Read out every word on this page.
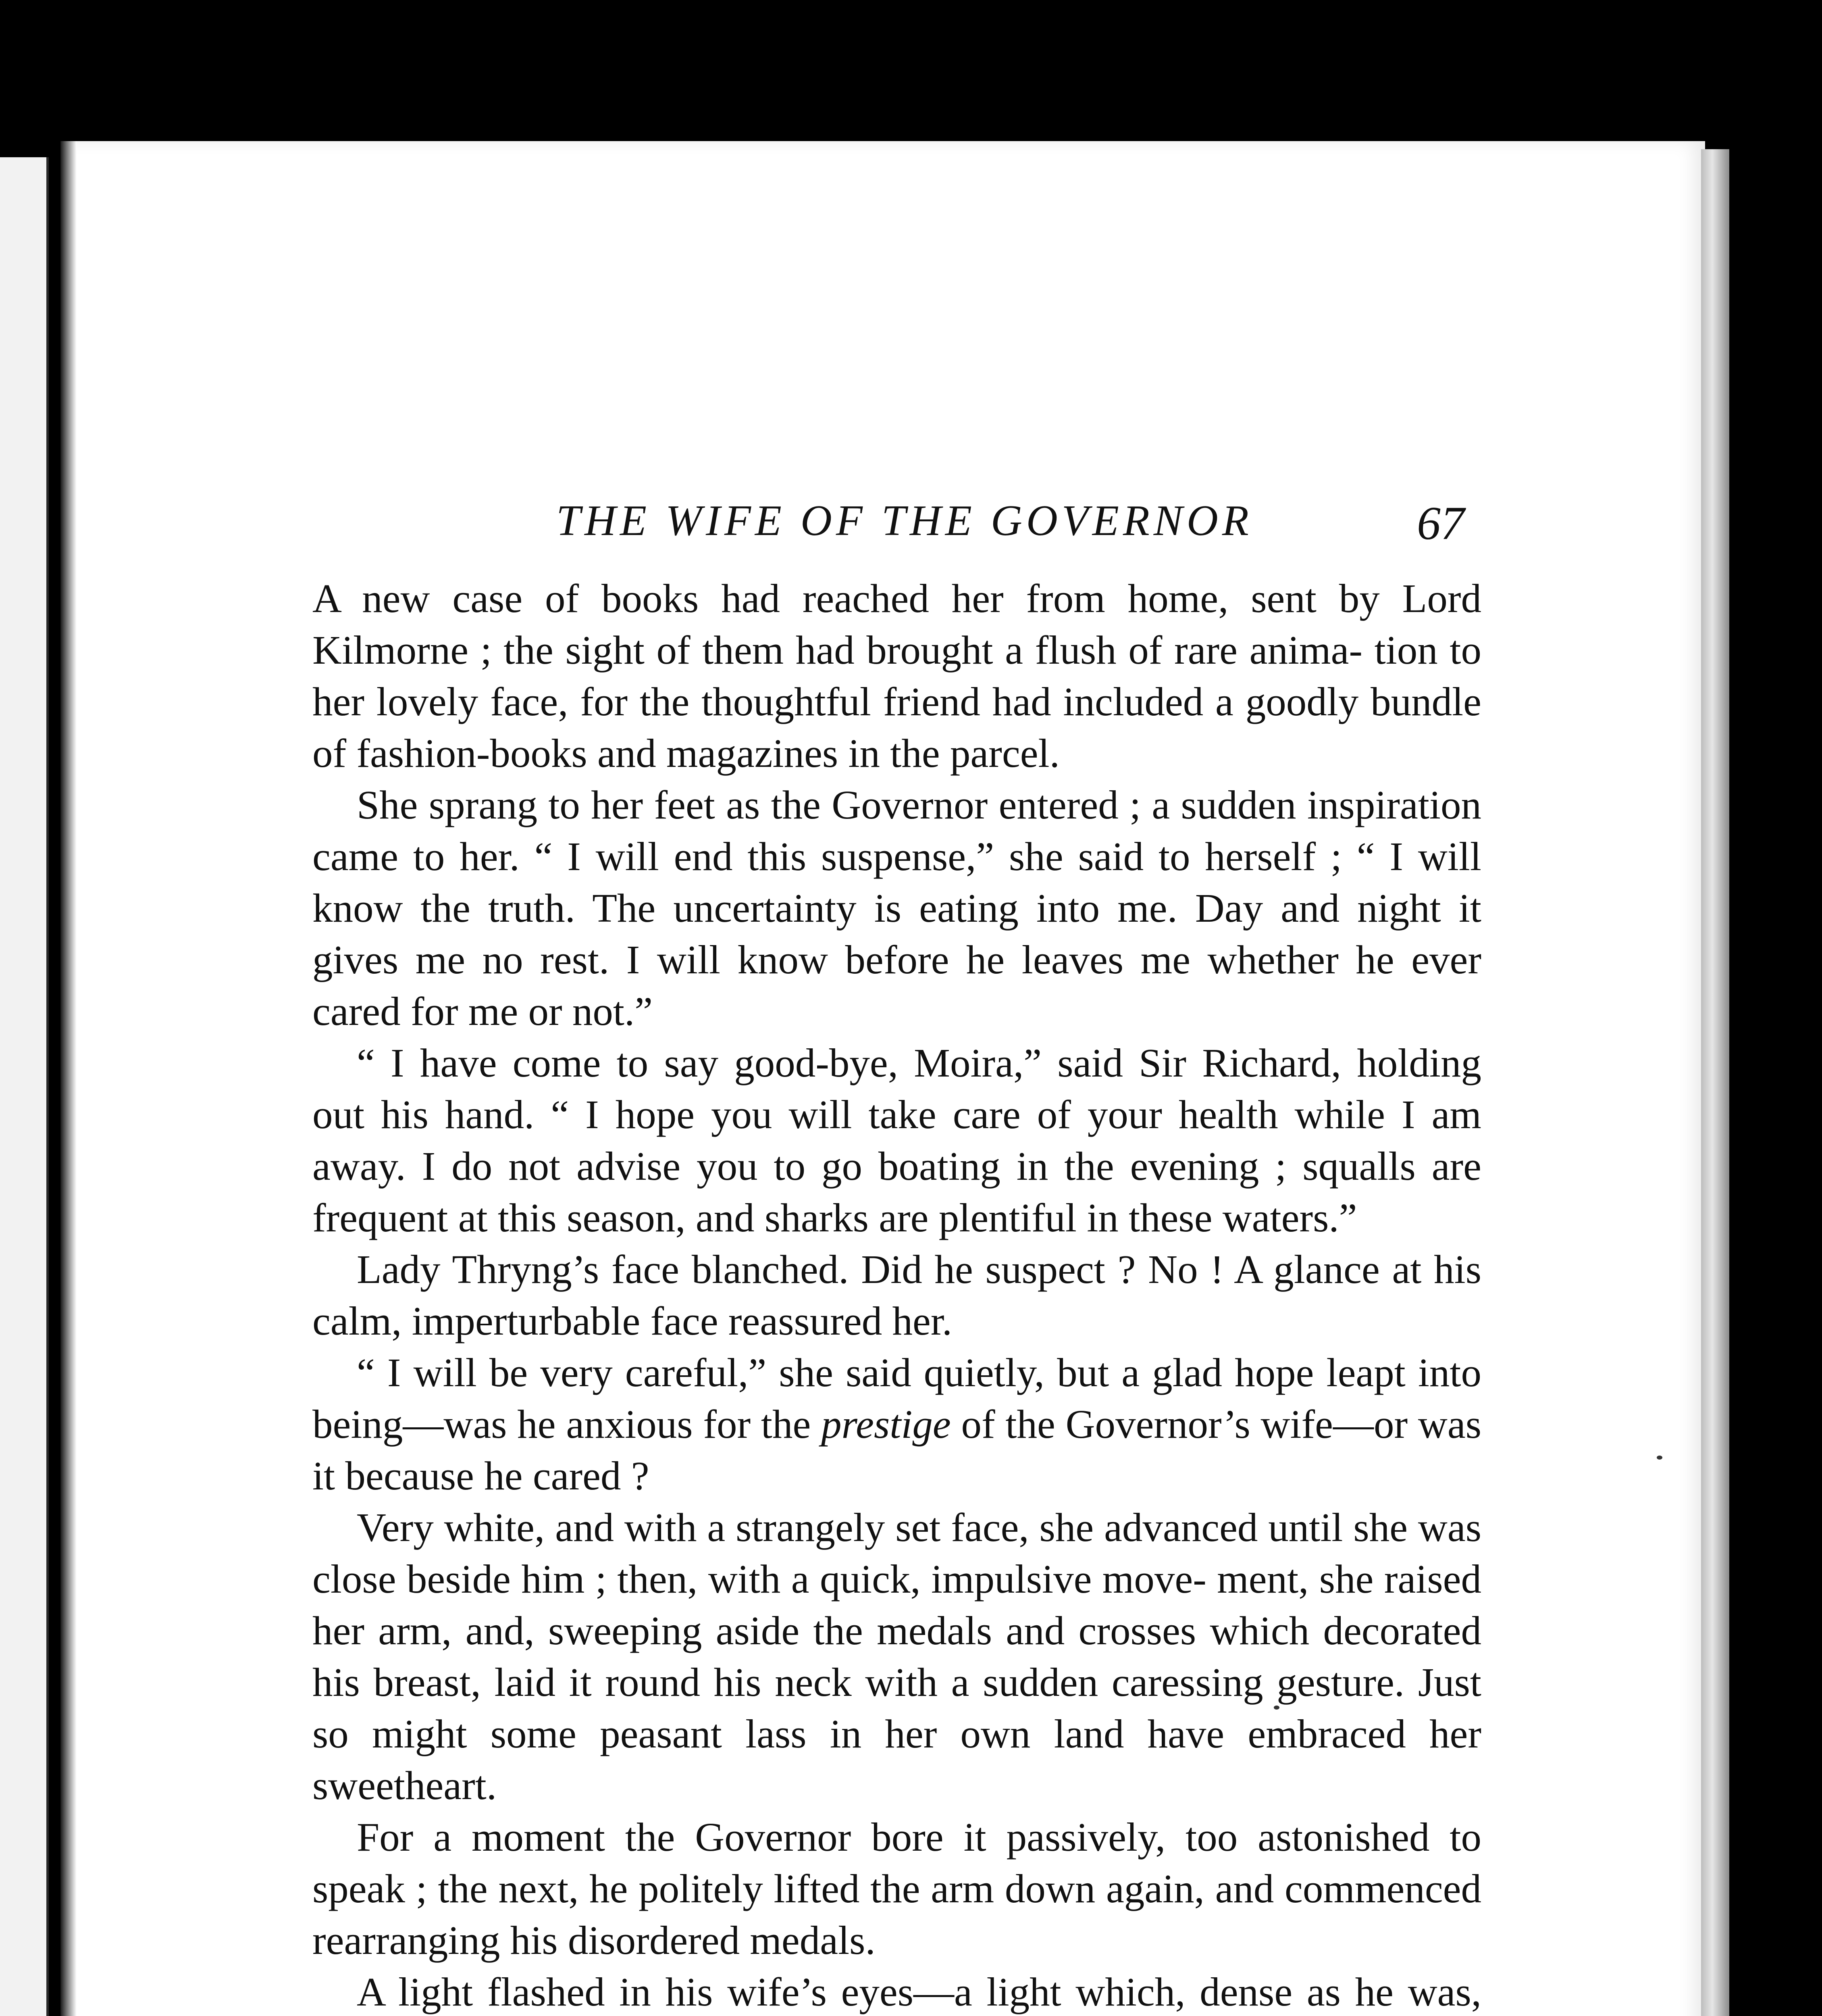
THE WIFE OF THE GOVERNOR	67

A new case of books had reached her from home, sent by Lord Kilmorne ; the sight of them had brought a flush of rare anima- tion to her lovely face, for the thoughtful friend had included a goodly bundle of fashion-books and magazines in the parcel.

She sprang to her feet as the Governor entered ; a sudden inspiration came to her. “ I will end this suspense,” she said to herself ; “ I will know the truth. The uncertainty is eating into me. Day and night it gives me no rest. I will know before he leaves me whether he ever cared for me or not.”

“ I have come to say good-bye, Moira,” said Sir Richard, holding out his hand. “ I hope you will take care of your health while I am away. I do not advise you to go boating in the evening ; squalls are frequent at this season, and sharks are plentiful in these waters.”

Lady Thryng’s face blanched. Did he suspect ? No ! A glance at his calm, imperturbable face reassured her.

“ I will be very careful,” she said quietly, but a glad hope leapt into being—was he anxious for the prestige of the Governor’s wife—or was it because he cared ?

Very white, and with a strangely set face, she advanced until she was close beside him ; then, with a quick, impulsive move- ment, she raised her arm, and, sweeping aside the medals and crosses which decorated his breast, laid it round his neck with a sudden caressing gesture. Just so might some peasant lass in her own land have embraced her sweetheart.

For a moment the Governor bore it passively, too astonished to speak ; the next, he politely lifted the arm down again, and commenced rearranging his disordered medals.

A light flashed in his wife’s eyes—a light which, dense as he was,
